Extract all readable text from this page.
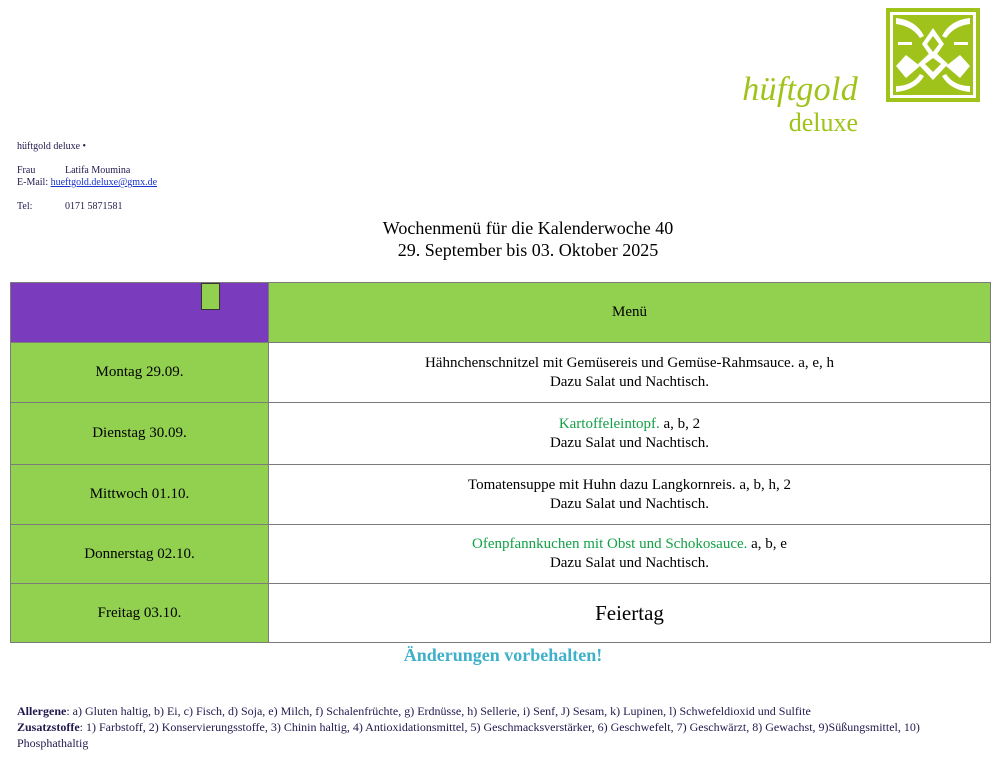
hüftgold
deluxe
hüftgold deluxe •

Frau	Latifa Moumina
E-Mail: hueftgold.deluxe@gmx.de

Tel:	0171 5871581
Wochenmenü für die Kalenderwoche 40
29. September bis 03. Oktober 2025
	Menü
Montag 29.09.	Hähnchenschnitzel mit Gemüsereis und Gemüse-Rahmsauce. a, e, h
Dazu Salat und Nachtisch.

Dienstag 30.09.	Kartoffeleintopf. a, b, 2
Dazu Salat und Nachtisch.

Mittwoch 01.10.	Tomatensuppe mit Huhn dazu Langkornreis. a, b, h, 2
Dazu Salat und Nachtisch.

Donnerstag 02.10.	Ofenpfannkuchen mit Obst und Schokosauce. a, b, e
Dazu Salat und Nachtisch.

Freitag 03.10.	Feiertag
Änderungen vorbehalten!
Allergene: a) Gluten haltig, b) Ei, c) Fisch, d) Soja, e) Milch, f) Schalenfrüchte, g) Erdnüsse, h) Sellerie, i) Senf, J) Sesam, k) Lupinen, l) Schwefeldioxid und Sulfite
Zusatzstoffe: 1) Farbstoff, 2) Konservierungsstoffe, 3) Chinin haltig, 4) Antioxidationsmittel, 5) Geschmacksverstärker, 6) Geschwefelt, 7) Geschwärzt, 8) Gewachst, 9)Süßungsmittel, 10) Phosphathaltig
